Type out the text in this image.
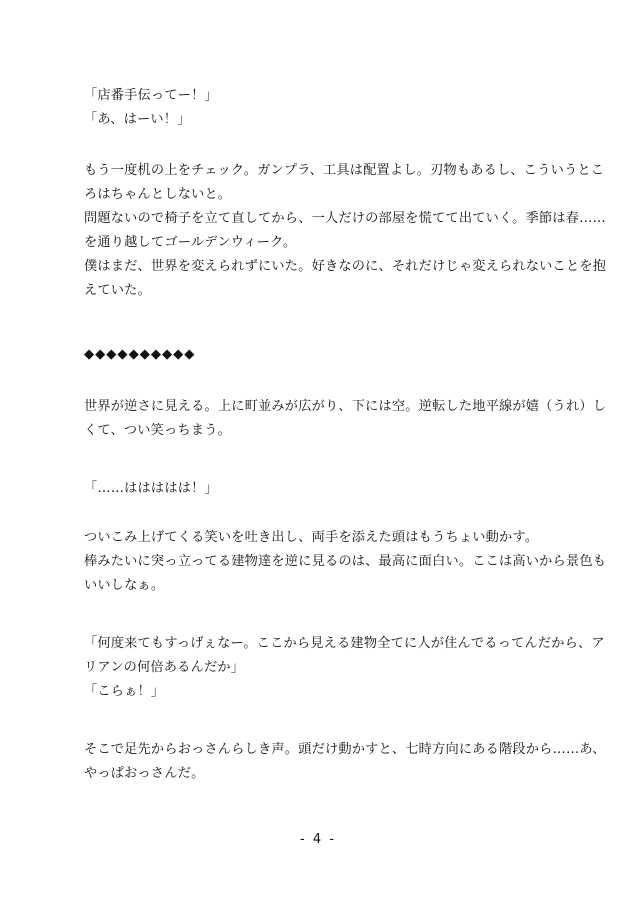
「店番手伝ってー！」
「あ、はーい！」
もう一度机の上をチェック。ガンプラ、工具は配置よし。刃物もあるし、こういうとこ
ろはちゃんとしないと。
問題ないので椅子を立て直してから、一人だけの部屋を慌てて出ていく。季節は春……
を通り越してゴールデンウィーク。
僕はまだ、世界を変えられずにいた。好きなのに、それだけじゃ変えられないことを抱
えていた。
◆◆◆◆◆◆◆◆◆◆
世界が逆さに見える。上に町並みが広がり、下には空。逆転した地平線が嬉（うれ）し
くて、つい笑っちまう。
「……ははははは！」
ついこみ上げてくる笑いを吐き出し、両手を添えた頭はもうちょい動かす。
棒みたいに突っ立ってる建物達を逆に見るのは、最高に面白い。ここは高いから景色も
いいしなぁ。
「何度来てもすっげぇなー。ここから見える建物全てに人が住んでるってんだから、ア
リアンの何倍あるんだか」
「こらぁ！」
そこで足先からおっさんらしき声。頭だけ動かすと、七時方向にある階段から……あ、
やっぱおっさんだ。
- 4 -
